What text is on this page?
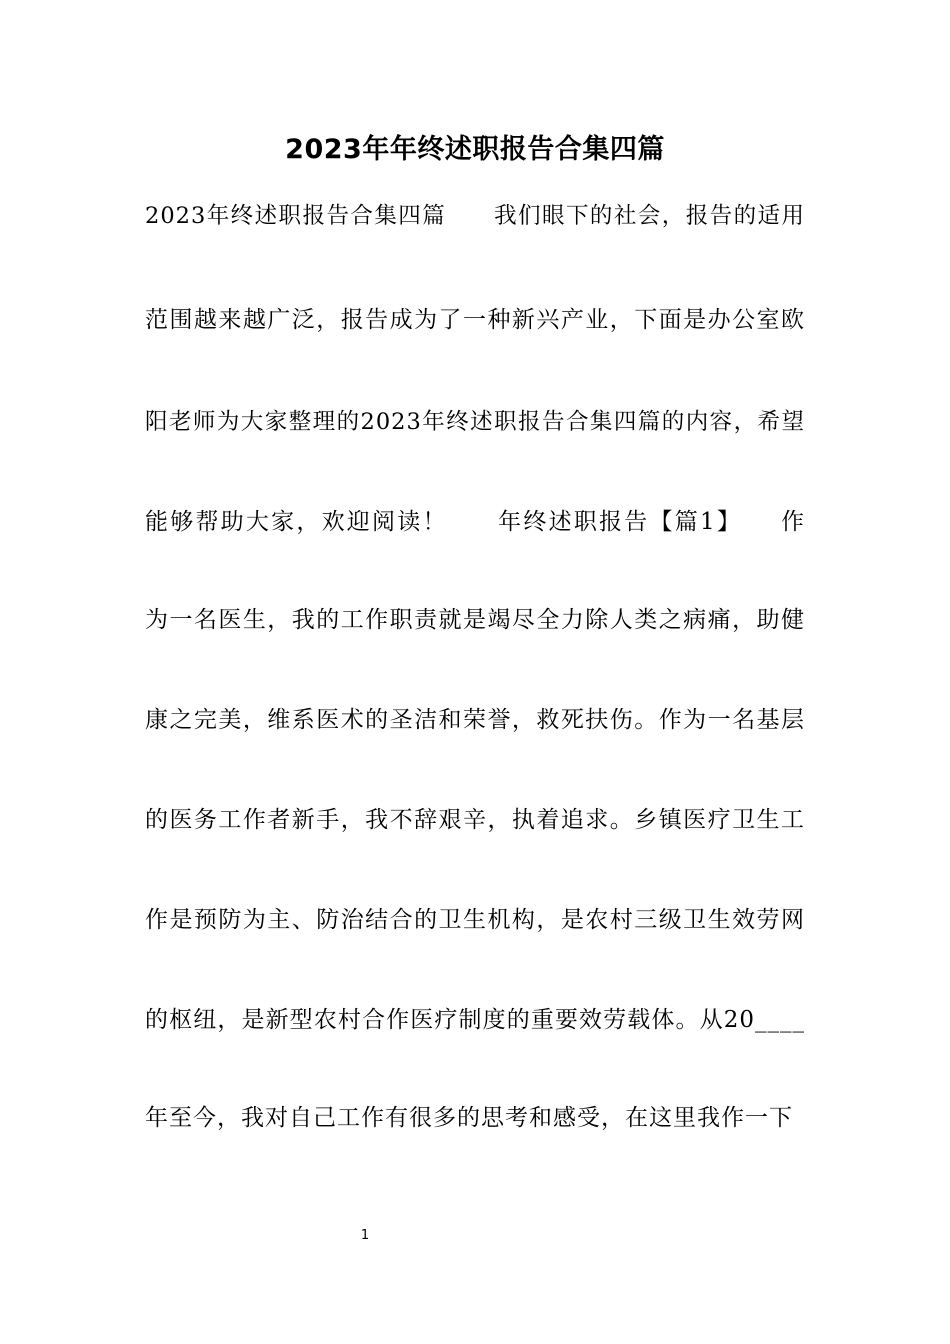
2023年年终述职报告合集四篇
2023年终述职报告合集四篇　　我们眼下的社会，报告的适用
范围越来越广泛，报告成为了一种新兴产业，下面是办公室欧
阳老师为大家整理的2023年终述职报告合集四篇的内容，希望
能够帮助大家，欢迎阅读！　　年终述职报告【篇1】　　作
为一名医生，我的工作职责就是竭尽全力除人类之病痛，助健
康之完美，维系医术的圣洁和荣誉，救死扶伤。作为一名基层
的医务工作者新手，我不辞艰辛，执着追求。乡镇医疗卫生工
作是预防为主、防治结合的卫生机构，是农村三级卫生效劳网
的枢纽，是新型农村合作医疗制度的重要效劳载体。从20____
年至今，我对自己工作有很多的思考和感受，在这里我作一下
1
